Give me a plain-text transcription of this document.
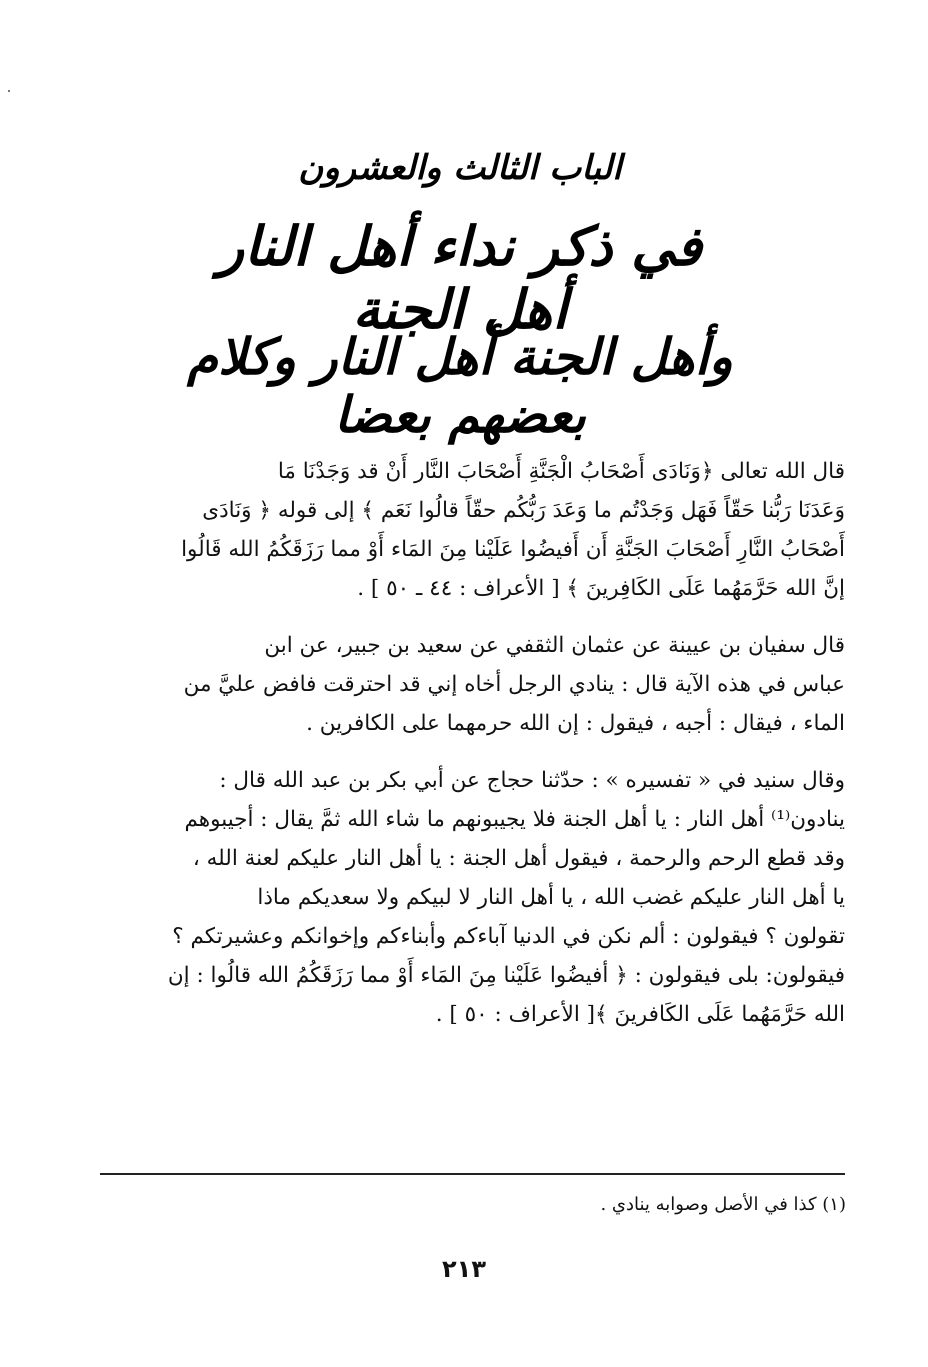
الباب الثالث والعشرون
في ذكر نداء أهل النار أهل الجنة
وأهل الجنة أهل النار وكلام بعضهم بعضا

قال الله تعالى ﴿وَنَادَى أَصْحَابُ الْجَنَّةِ أَصْحَابَ النَّار أَنْ قد وَجَدْنَا مَا
وَعَدَنَا رَبُّنا حَقّاً فَهَل وَجَدْتُم ما وَعَدَ رَبُّكُم حقّاً قالُوا نَعَم ﴾ إلى قوله ﴿ وَنَادَى
أَصْحَابُ النَّارِ أَصْحَابَ الجَنَّةِ أَن أَفيضُوا عَلَيْنا مِنَ المَاء أَوْ مما رَزَقَكُمُ الله قَالُوا
إنَّ الله حَرَّمَهُما عَلَى الكَافِرينَ ﴾ [ الأعراف : ٤٤ ـ ٥٠ ] .

قال سفيان بن عيينة عن عثمان الثقفي عن سعيد بن جبير، عن ابن
عباس في هذه الآية قال : ينادي الرجل أخاه إني قد احترقت فافض عليَّ من
الماء ، فيقال : أجبه ، فيقول : إن الله حرمهما على الكافرين .

وقال سنيد في « تفسيره » : حدّثنا حجاج عن أبي بكر بن عبد الله قال :
ينادون⁽¹⁾ أهل النار : يا أهل الجنة فلا يجيبونهم ما شاء الله ثمَّ يقال : أجيبوهم
وقد قطع الرحم والرحمة ، فيقول أهل الجنة : يا أهل النار عليكم لعنة الله ،
يا أهل النار عليكم غضب الله ، يا أهل النار لا لبيكم ولا سعديكم ماذا
تقولون ؟ فيقولون : ألم نكن في الدنيا آباءكم وأبناءكم وإخوانكم وعشيرتكم ؟
فيقولون: بلى فيقولون : ﴿ أفيضُوا عَلَيْنا مِنَ المَاء أَوْ مما رَزَقَكُمُ الله قالُوا : إن
الله حَرَّمَهُما عَلَى الكَافرينَ ﴾[ الأعراف : ٥٠ ] .

(١) كذا في الأصل وصوابه ينادي .
٢١٣
